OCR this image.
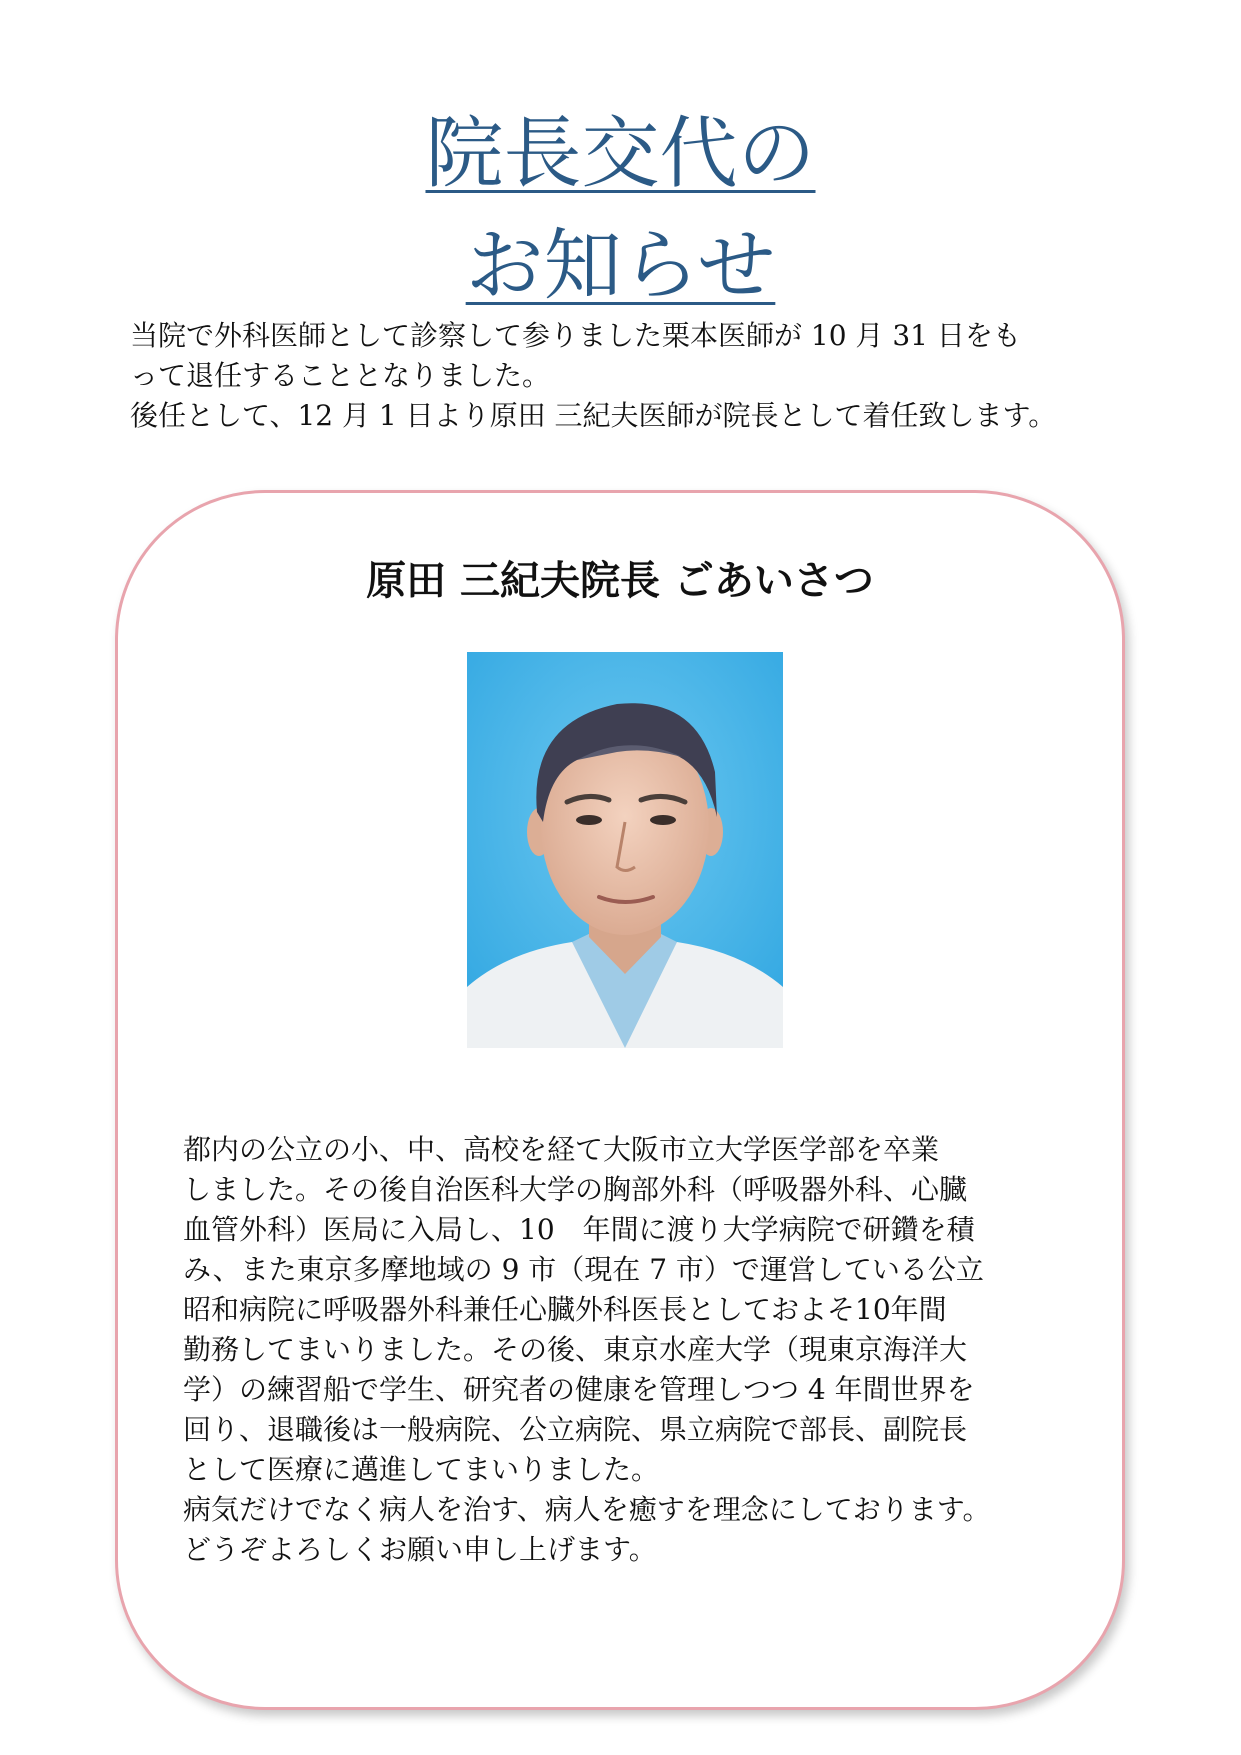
院長交代の
お知らせ

当院で外科医師として診察して参りました栗本医師が 10 月 31 日をも

って退任することとなりました。

後任として、12 月 1 日より原田 三紀夫医師が院長として着任致します。

原田 三紀夫院長 ごあいさつ

都内の公立の小、中、高校を経て大阪市立大学医学部を卒業

しました。その後自治医科大学の胸部外科（呼吸器外科、心臓

血管外科）医局に入局し、10　年間に渡り大学病院で研鑽を積

み、また東京多摩地域の 9 市（現在 7 市）で運営している公立

昭和病院に呼吸器外科兼任心臓外科医長としておよそ10年間

勤務してまいりました。その後、東京水産大学（現東京海洋大

学）の練習船で学生、研究者の健康を管理しつつ 4 年間世界を

回り、退職後は一般病院、公立病院、県立病院で部長、副院長

として医療に邁進してまいりました。

病気だけでなく病人を治す、病人を癒すを理念にしております。

どうぞよろしくお願い申し上げます。
